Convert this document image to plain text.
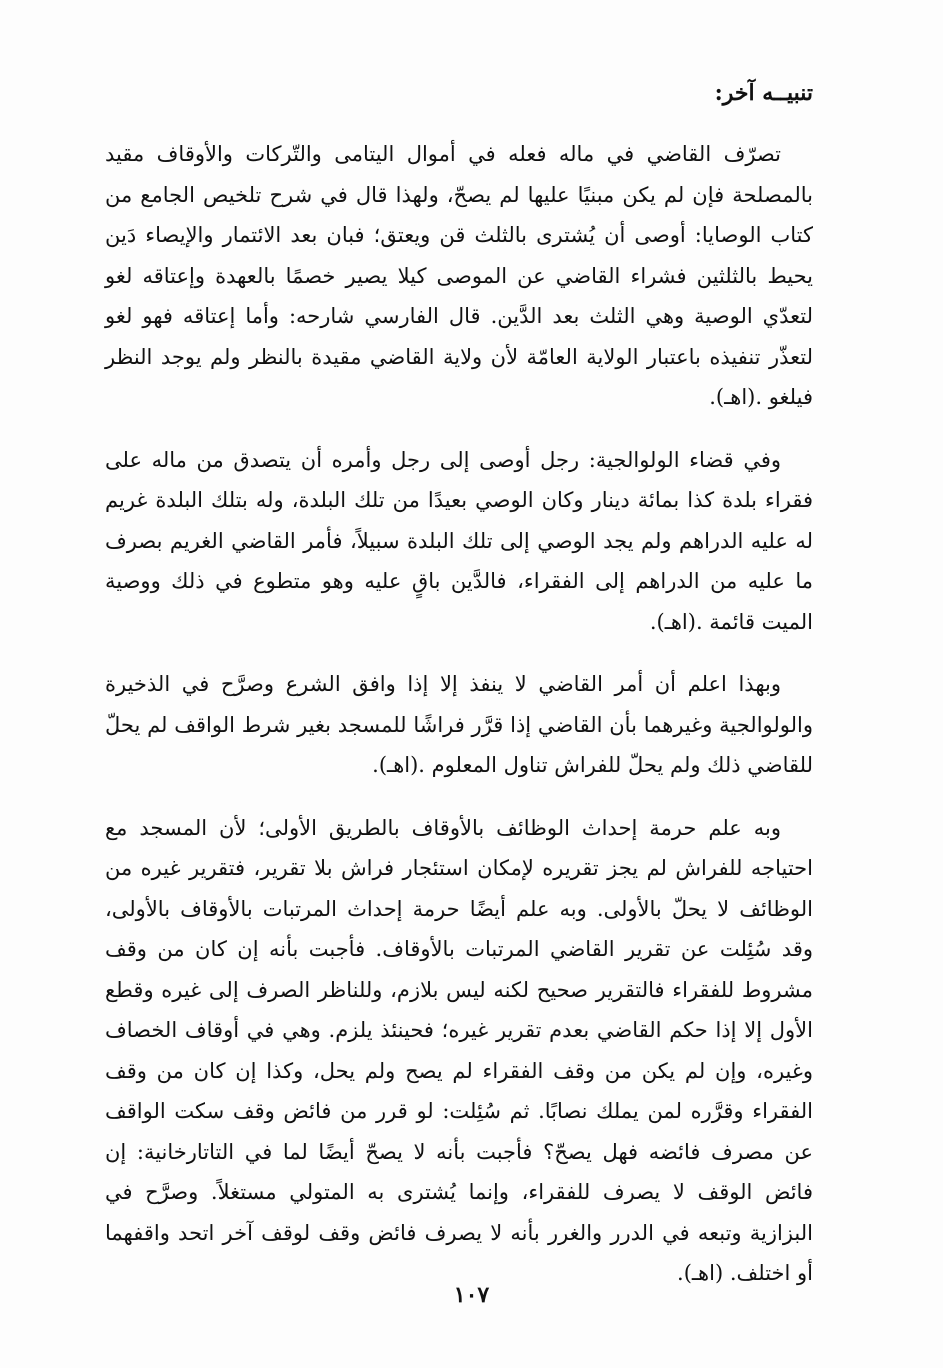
تنبيــه آخر:

تصرّف القاضي في ماله فعله في أموال اليتامى والتّركات والأوقاف مقيد بالمصلحة فإن لم يكن مبنيًا عليها لم يصحّ، ولهذا قال في شرح تلخيص الجامع من كتاب الوصايا: أوصى أن يُشترى بالثلث قن ويعتق؛ فبان بعد الائتمار والإيصاء دَين يحيط بالثلثين فشراء القاضي عن الموصى كيلا يصير خصمًا بالعهدة وإعتاقه لغو لتعدّي الوصية وهي الثلث بعد الدَّين. قال الفارسي شارحه: وأما إعتاقه فهو لغو لتعذّر تنفيذه باعتبار الولاية العامّة لأن ولاية القاضي مقيدة بالنظر ولم يوجد النظر فيلغو .(اهـ).

وفي قضاء الولوالجية: رجل أوصى إلى رجل وأمره أن يتصدق من ماله على فقراء بلدة كذا بمائة دينار وكان الوصي بعيدًا من تلك البلدة، وله بتلك البلدة غريم له عليه الدراهم ولم يجد الوصي إلى تلك البلدة سبيلاً، فأمر القاضي الغريم بصرف ما عليه من الدراهم إلى الفقراء، فالدَّين باقٍ عليه وهو متطوع في ذلك ووصية الميت قائمة .(اهـ).

وبهذا اعلم أن أمر القاضي لا ينفذ إلا إذا وافق الشرع وصرَّح في الذخيرة والولوالجية وغيرهما بأن القاضي إذا قرَّر فراشًا للمسجد بغير شرط الواقف لم يحلّ للقاضي ذلك ولم يحلّ للفراش تناول المعلوم .(اهـ).

وبه علم حرمة إحداث الوظائف بالأوقاف بالطريق الأولى؛ لأن المسجد مع احتياجه للفراش لم يجز تقريره لإمكان استئجار فراش بلا تقرير، فتقرير غيره من الوظائف لا يحلّ بالأولى. وبه علم أيضًا حرمة إحداث المرتبات بالأوقاف بالأولى، وقد سُئِلت عن تقرير القاضي المرتبات بالأوقاف. فأجبت بأنه إن كان من وقف مشروط للفقراء فالتقرير صحيح لكنه ليس بلازم، وللناظر الصرف إلى غيره وقطع الأول إلا إذا حكم القاضي بعدم تقرير غيره؛ فحينئذ يلزم. وهي في أوقاف الخصاف وغيره، وإن لم يكن من وقف الفقراء لم يصح ولم يحل، وكذا إن كان من وقف الفقراء وقرَّره لمن يملك نصابًا. ثم سُئِلت: لو قرر من فائض وقف سكت الواقف عن مصرف فائضه فهل يصحّ؟ فأجبت بأنه لا يصحّ أيضًا لما في التاتارخانية: إن فائض الوقف لا يصرف للفقراء، وإنما يُشترى به المتولي مستغلاً. وصرَّح في البزازية وتبعه في الدرر والغرر بأنه لا يصرف فائض وقف لوقف آخر اتحد واقفهما أو اختلف. (اهـ).

١٠٧
